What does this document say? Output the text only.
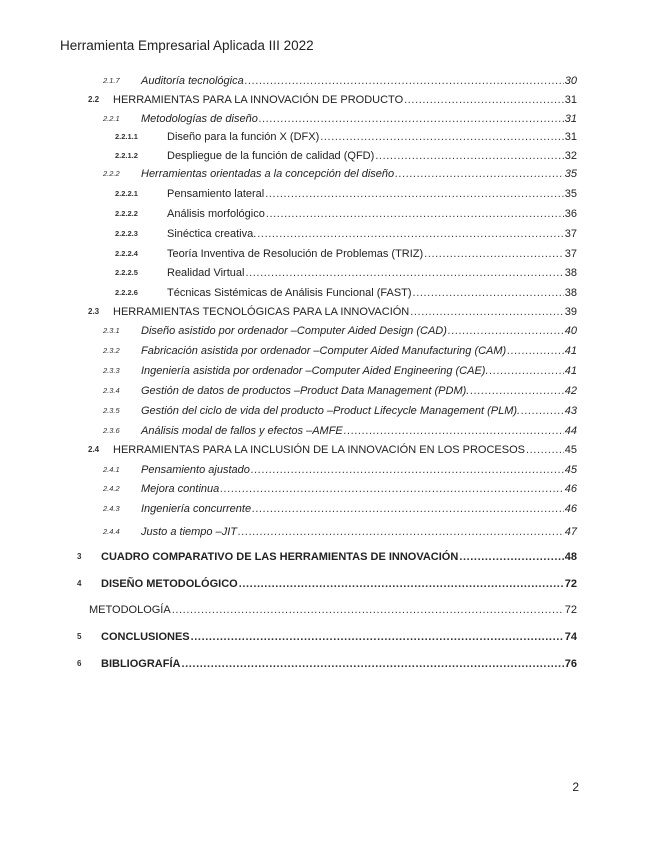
Herramienta Empresarial Aplicada III 2022
2.1.7 Auditoría tecnológica .....	30
2.2 HERRAMIENTAS PARA LA INNOVACIÓN DE PRODUCTO .....	31
2.2.1 Metodologías de diseño .....	31
2.2.1.1	Diseño para la función X (DFX) .....	31
2.2.1.2	Despliegue de la función de calidad (QFD) .....	32
2.2.2 Herramientas orientadas a la concepción del diseño .....	35
2.2.2.1	Pensamiento lateral .....	35
2.2.2.2	Análisis morfológico .....	36
2.2.2.3	Sinéctica creativa. .....	37
2.2.2.4	Teoría Inventiva de Resolución de Problemas (TRIZ) .....	37
2.2.2.5	Realidad Virtual .....	38
2.2.2.6	Técnicas Sistémicas de Análisis Funcional (FAST) .....	38
2.3 HERRAMIENTAS TECNOLÓGICAS PARA LA INNOVACIÓN .....	39
2.3.1 Diseño asistido por ordenador –Computer Aided Design (CAD) .....	40
2.3.2 Fabricación asistida por ordenador –Computer Aided Manufacturing (CAM) .....	41
2.3.3 Ingeniería asistida por ordenador –Computer Aided Engineering (CAE). .....	41
2.3.4 Gestión de datos de productos –Product Data Management (PDM). .....	42
2.3.5 Gestión del ciclo de vida del producto –Product Lifecycle Management (PLM). .....	43
2.3.6 Análisis modal de fallos y efectos –AMFE .....	44
2.4 HERRAMIENTAS PARA LA INCLUSIÓN DE LA INNOVACIÓN EN LOS PROCESOS .....	45
2.4.1 Pensamiento ajustado .....	45
2.4.2 Mejora continua .....	46
2.4.3 Ingeniería concurrente .....	46
2.4.4 Justo a tiempo –JIT .....	47
3 CUADRO COMPARATIVO DE LAS HERRAMIENTAS DE INNOVACIÓN .....	48
4 DISEÑO METODOLÓGICO .....	72
METODOLOGÍA .....	72
5 CONCLUSIONES .....	74
6 BIBLIOGRAFÍA .....	76
2
